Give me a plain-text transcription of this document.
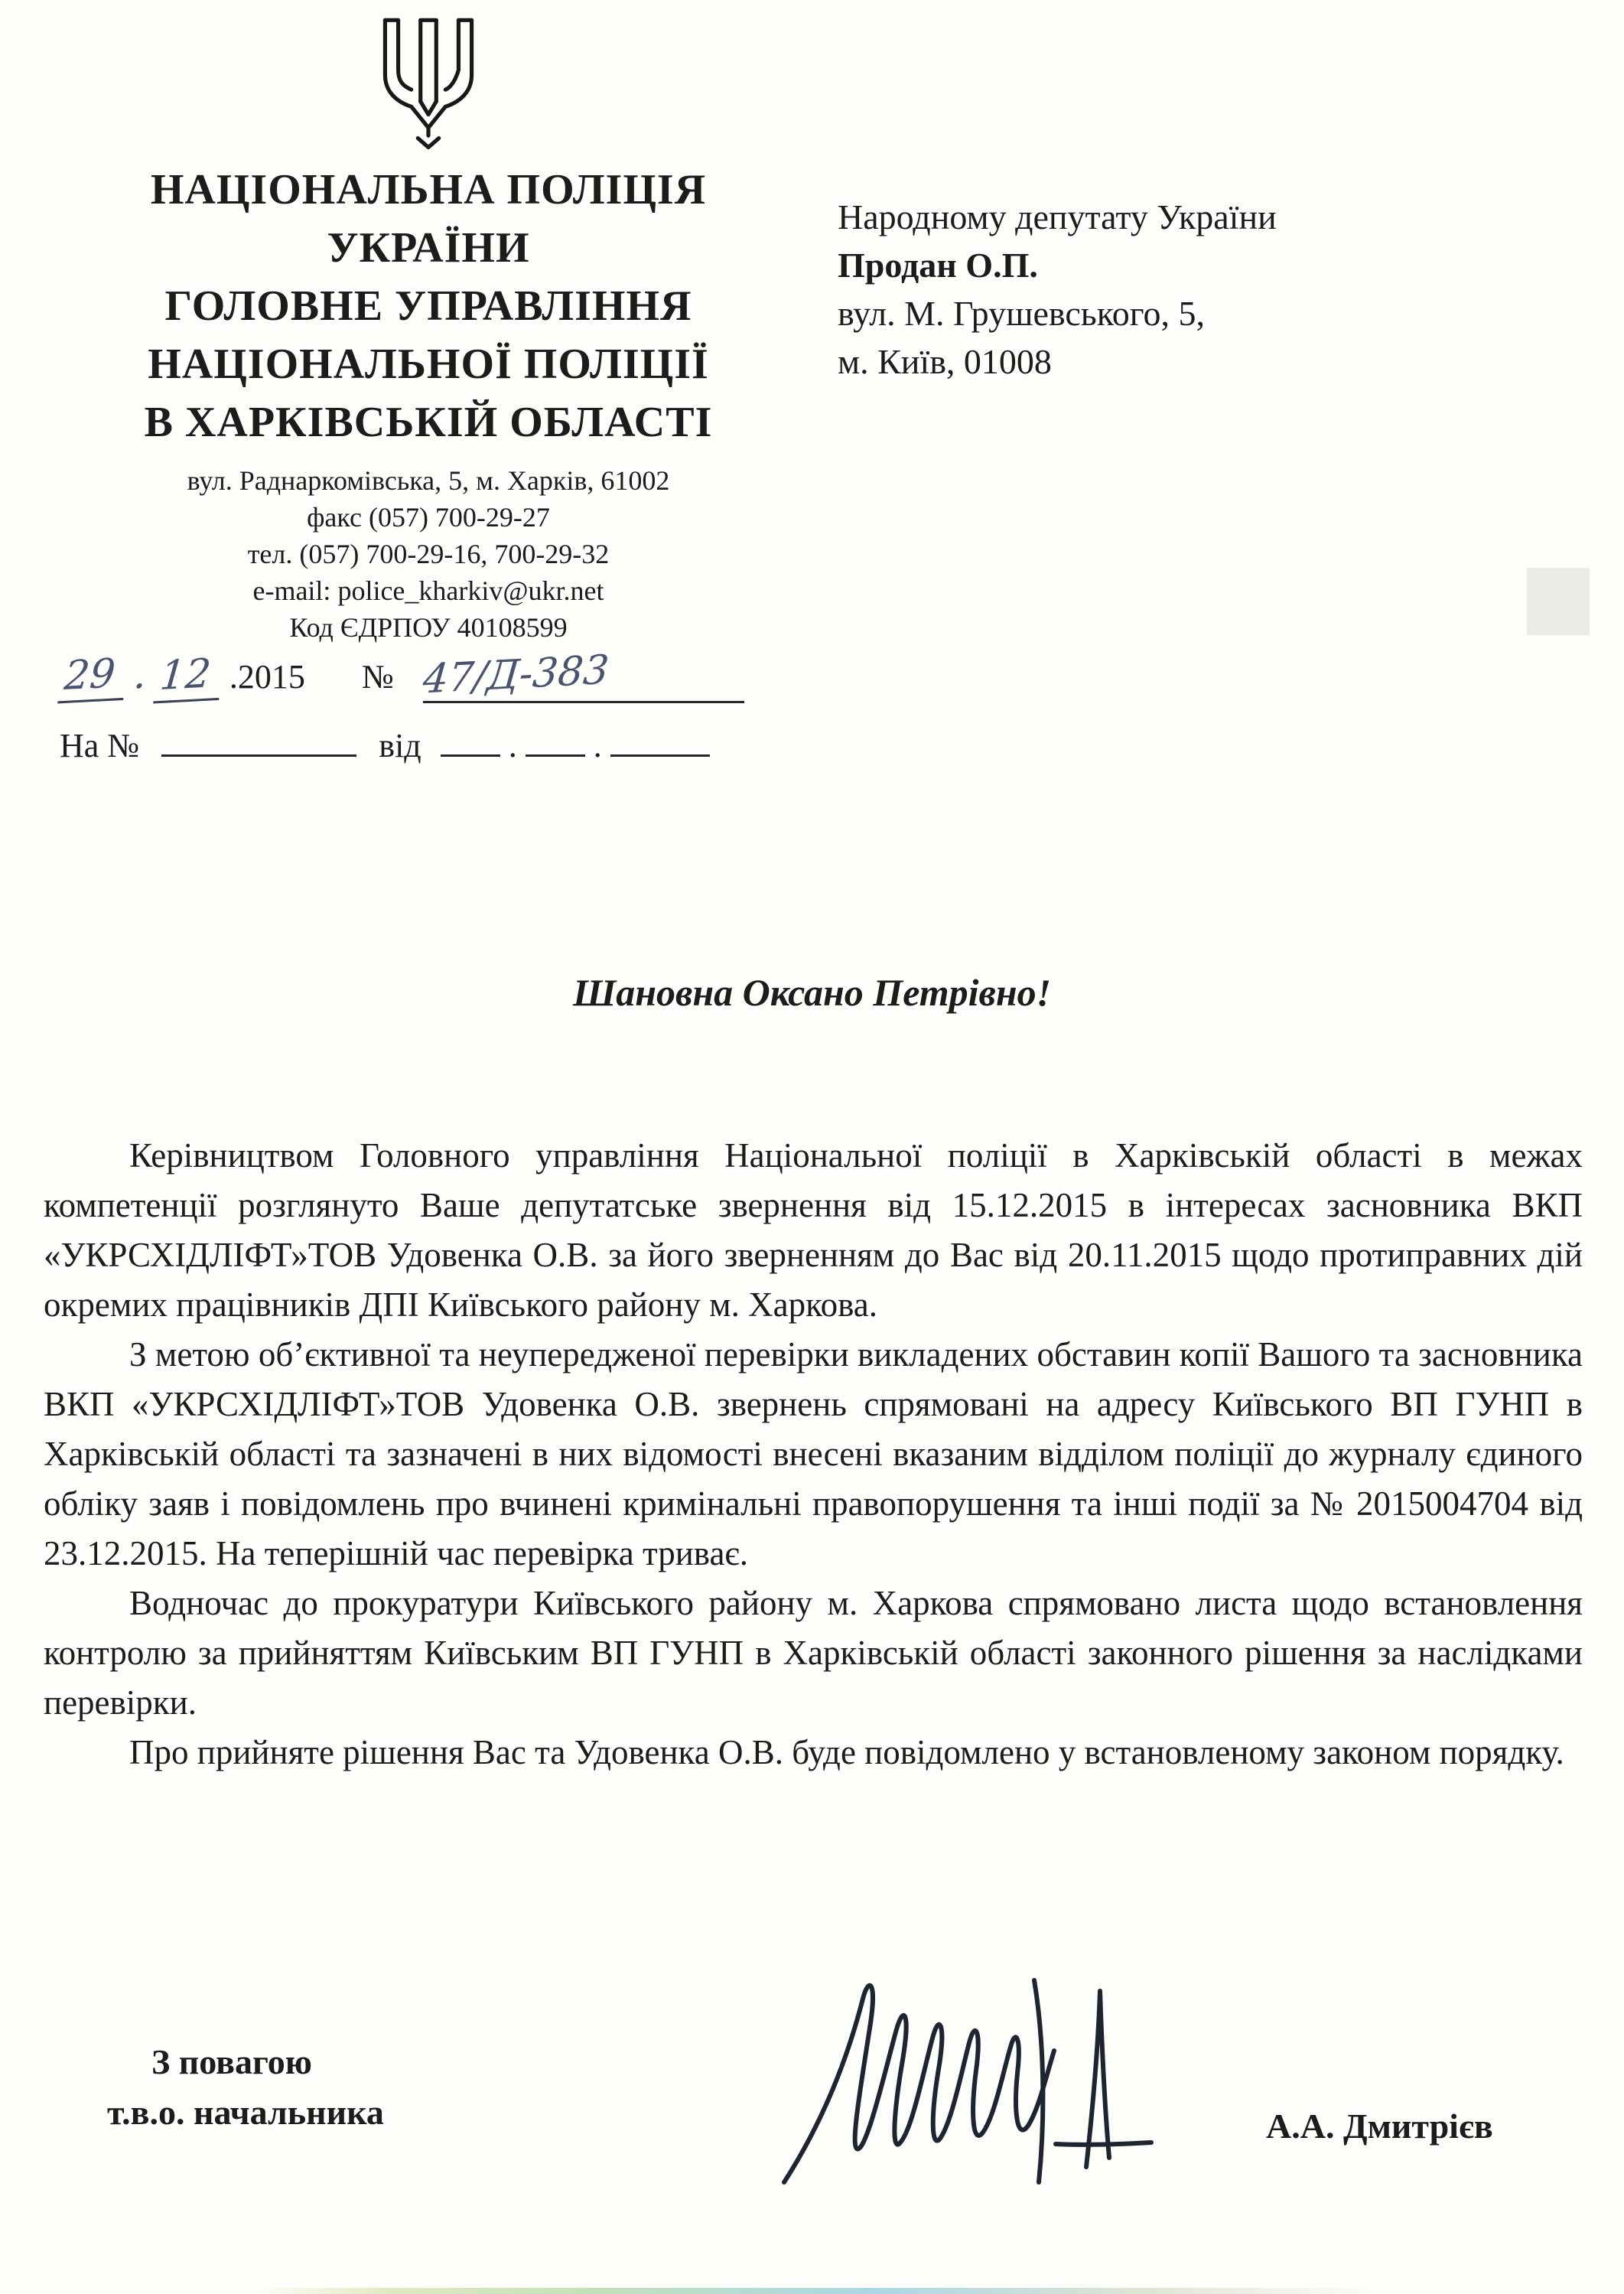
НАЦІОНАЛЬНА ПОЛІЦІЯ
УКРАЇНИ
ГОЛОВНЕ УПРАВЛІННЯ
НАЦІОНАЛЬНОЇ ПОЛІЦІЇ
В ХАРКІВСЬКІЙ ОБЛАСТІ
вул. Раднаркомівська, 5, м. Харків, 61002
факс (057) 700-29-27
тел. (057) 700-29-16, 700-29-32
e-mail: police_kharkiv@ukr.net
Код ЄДРПОУ 40108599
Народному депутату України
Продан О.П.
вул. М. Грушевського, 5,
м. Київ, 01008
29 . 12 .2015 № 47/Д-383
На №	від	. .
Шановна Оксано Петрівно!

Керівництвом Головного управління Національної поліції в Харківській області в межах компетенції розглянуто Ваше депутатське звернення від 15.12.2015 в інтересах засновника ВКП «УКРСХІДЛІФТ»ТОВ Удовенка О.В. за його зверненням до Вас від 20.11.2015 щодо протиправних дій окремих працівників ДПІ Київського району м. Харкова.

З метою об’єктивної та неупередженої перевірки викладених обставин копії Вашого та засновника ВКП «УКРСХІДЛІФТ»ТОВ Удовенка О.В. звернень спрямовані на адресу Київського ВП ГУНП в Харківській області та зазначені в них відомості внесені вказаним відділом поліції до журналу єдиного обліку заяв і повідомлень про вчинені кримінальні правопорушення та інші події за № 2015004704 від 23.12.2015. На теперішній час перевірка триває.

Водночас до прокуратури Київського району м. Харкова спрямовано листа щодо встановлення контролю за прийняттям Київським ВП ГУНП в Харківській області законного рішення за наслідками перевірки.

Про прийняте рішення Вас та Удовенка О.В. буде повідомлено у встановленому законом порядку.

З повагою
т.в.о. начальника	А.А. Дмитрієв
